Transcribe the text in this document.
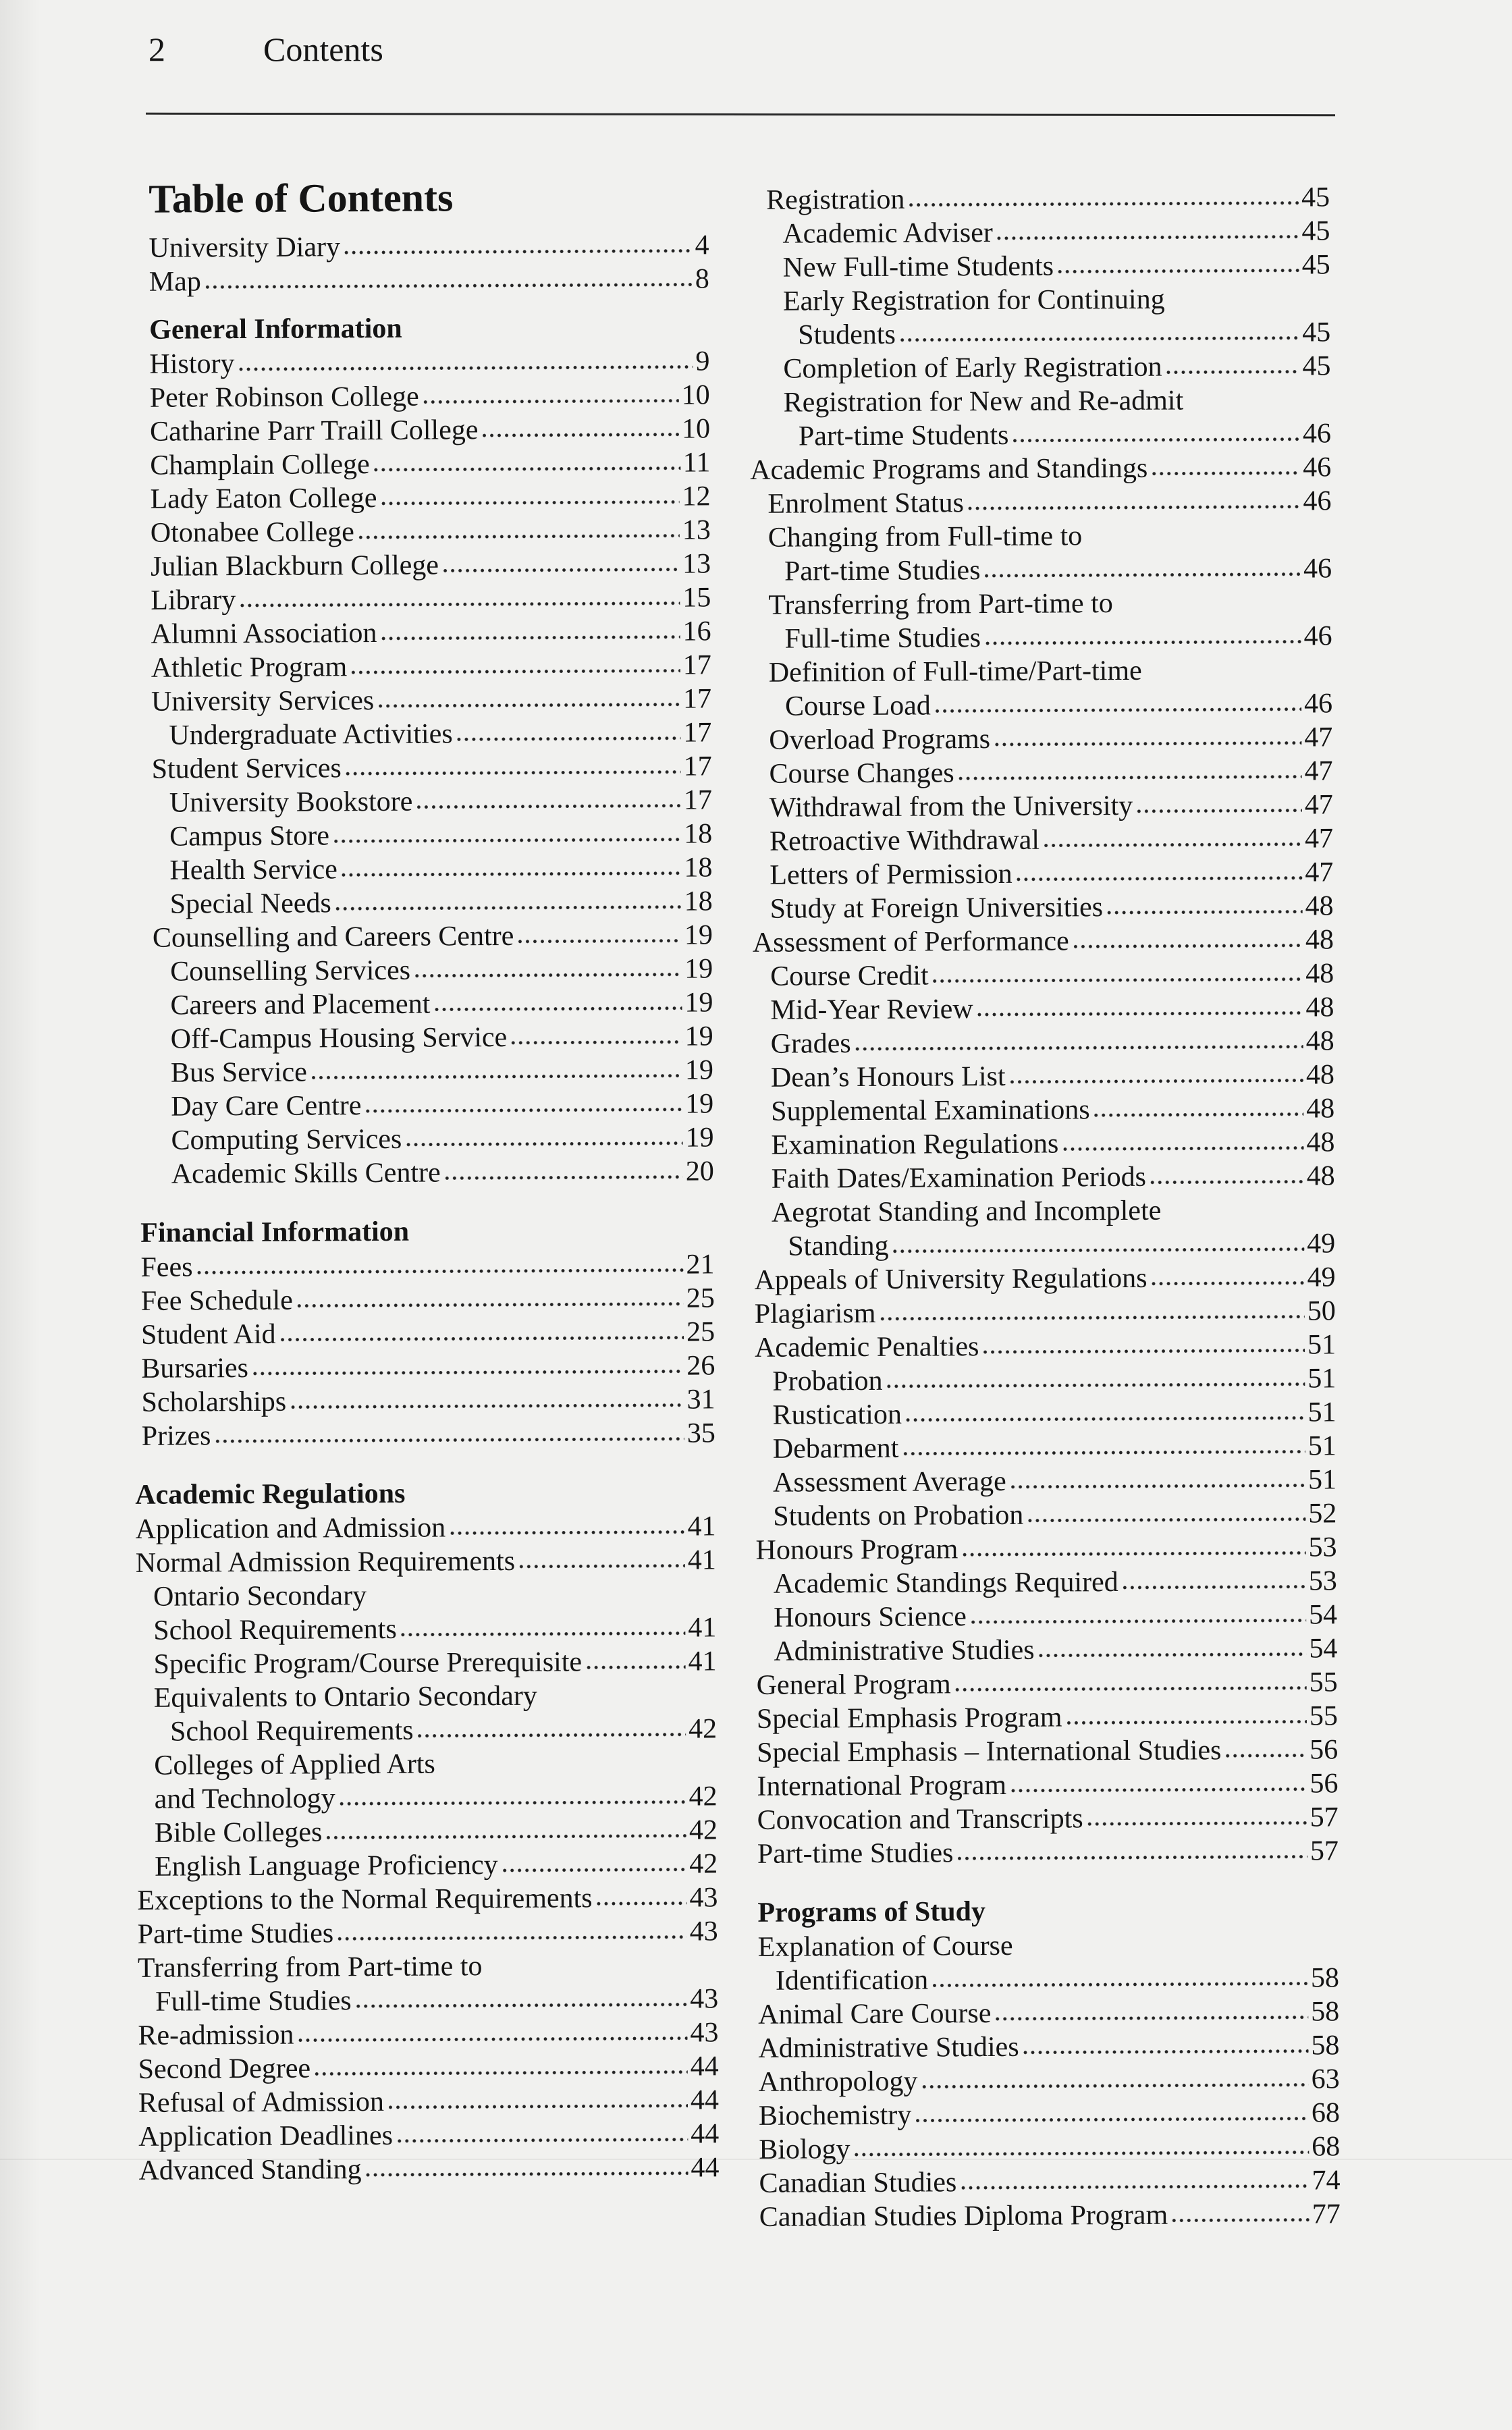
2	Contents
Table of Contents
University Diary	4
Map	8
General Information
History	9
Peter Robinson College	10
Catharine Parr Traill College	10
Champlain College	11
Lady Eaton College	12
Otonabee College	13
Julian Blackburn College	13
Library	15
Alumni Association	16
Athletic Program	17
University Services	17
Undergraduate Activities	17
Student Services	17
University Bookstore	17
Campus Store	18
Health Service	18
Special Needs	18
Counselling and Careers Centre	19
Counselling Services	19
Careers and Placement	19
Off-Campus Housing Service	19
Bus Service	19
Day Care Centre	19
Computing Services	19
Academic Skills Centre	20
Financial Information
Fees	21
Fee Schedule	25
Student Aid	25
Bursaries	26
Scholarships	31
Prizes	35
Academic Regulations
Application and Admission	41
Normal Admission Requirements	41
Ontario Secondary
School Requirements	41
Specific Program/Course Prerequisite	41
Equivalents to Ontario Secondary
School Requirements	42
Colleges of Applied Arts
and Technology	42
Bible Colleges	42
English Language Proficiency	42
Exceptions to the Normal Requirements	43
Part-time Studies	43
Transferring from Part-time to
Full-time Studies	43
Re-admission	43
Second Degree	44
Refusal of Admission	44
Application Deadlines	44
Advanced Standing	44
Registration	45
Academic Adviser	45
New Full-time Students	45
Early Registration for Continuing
Students	45
Completion of Early Registration	45
Registration for New and Re-admit
Part-time Students	46
Academic Programs and Standings	46
Enrolment Status	46
Changing from Full-time to
Part-time Studies	46
Transferring from Part-time to
Full-time Studies	46
Definition of Full-time/Part-time
Course Load	46
Overload Programs	47
Course Changes	47
Withdrawal from the University	47
Retroactive Withdrawal	47
Letters of Permission	47
Study at Foreign Universities	48
Assessment of Performance	48
Course Credit	48
Mid-Year Review	48
Grades	48
Dean’s Honours List	48
Supplemental Examinations	48
Examination Regulations	48
Faith Dates/Examination Periods	48
Aegrotat Standing and Incomplete
Standing	49
Appeals of University Regulations	49
Plagiarism	50
Academic Penalties	51
Probation	51
Rustication	51
Debarment	51
Assessment Average	51
Students on Probation	52
Honours Program	53
Academic Standings Required	53
Honours Science	54
Administrative Studies	54
General Program	55
Special Emphasis Program	55
Special Emphasis – International Studies	56
International Program	56
Convocation and Transcripts	57
Part-time Studies	57
Programs of Study
Explanation of Course
Identification	58
Animal Care Course	58
Administrative Studies	58
Anthropology	63
Biochemistry	68
Biology	68
Canadian Studies	74
Canadian Studies Diploma Program	77
